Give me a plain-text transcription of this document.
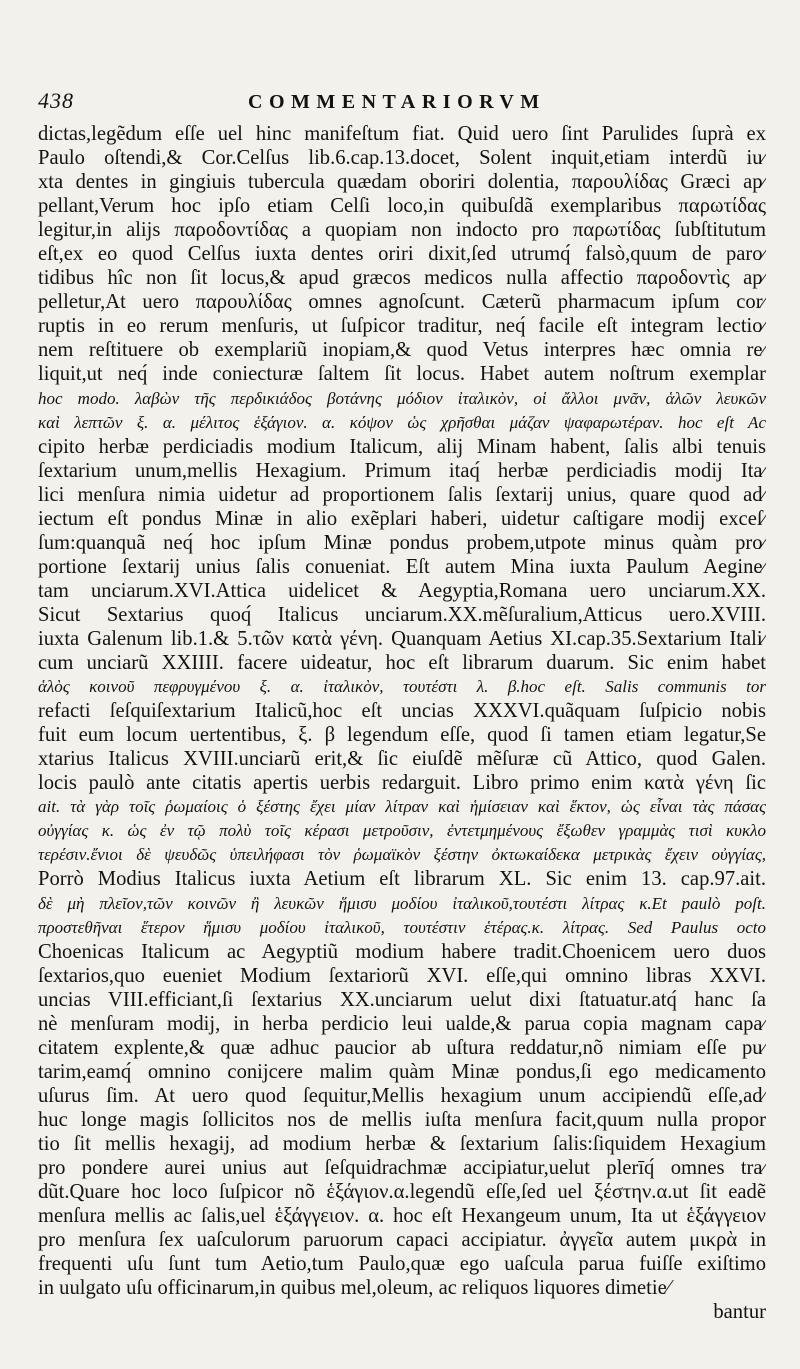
438	COMMENTARIORVM
dictas,legẽdum eſſe uel hinc manifeſtum fiat. Quid uero ſint Parulides ſuprà ex
Paulo oſtendi,& Cor.Celſus lib.6.cap.13.docet, Solent inquit,etiam interdũ iu⁄
xta dentes in gingiuis tubercula quædam oboriri dolentia, παρουλίδας Græci ap⁄
pellant,Verum hoc ipſo etiam Celſi loco,in quibuſdã exemplaribus παρωτίδας
legitur,in alijs παροδοντίδας a quopiam non indocto pro παρωτίδας ſubſtitutum
eſt,ex eo quod Celſus iuxta dentes oriri dixit,ſed utrumq́ falsò,quum de paro⁄
tidibus hîc non ſit locus,& apud græcos medicos nulla affectio παροδοντὶς ap⁄
pelletur,At uero παρουλίδας omnes agnoſcunt. Cæterũ pharmacum ipſum cor⁄
ruptis in eo rerum menſuris, ut ſuſpicor traditur, neq́ facile eſt integram lectio⁄
nem reſtituere ob exemplariũ inopiam,& quod Vetus interpres hæc omnia re⁄
liquit,ut neq́ inde coniecturæ ſaltem ſit locus. Habet autem noſtrum exemplar
hoc modo. λαβὼν τῆς περδικιάδος βοτάνης μόδιον ἰταλικὸν, οἱ ἄλλοι μνᾶν, ἁλῶν λευκῶν
καὶ λεπτῶν ξ. α. μέλιτος ἑξάγιον. α. κόψον ὡς χρῆσθαι μάζαν ψαφαρωτέραν. hoc eſt Ac
cipito herbæ perdiciadis modium Italicum, alij Minam habent, ſalis albi tenuis
ſextarium unum,mellis Hexagium. Primum itaq́ herbæ perdiciadis modij Ita⁄
lici menſura nimia uidetur ad proportionem ſalis ſextarij unius, quare quod ad⁄
iectum eſt pondus Minæ in alio exẽplari haberi, uidetur caſtigare modij exceſ⁄
ſum:quanquã neq́ hoc ipſum Minæ pondus probem,utpote minus quàm pro⁄
portione ſextarij unius ſalis conueniat. Eſt autem Mina iuxta Paulum Aegine⁄
tam unciarum.XVI.Attica uidelicet & Aegyptia,Romana uero unciarum.XX.
Sicut Sextarius quoq́ Italicus unciarum.XX.mẽſuralium,Atticus uero.XVIII.
iuxta Galenum lib.1.& 5.τῶν κατὰ γένη. Quanquam Aetius XI.cap.35.Sextarium Itali⁄
cum unciarũ XXIIII. facere uideatur, hoc eſt librarum duarum. Sic enim habet
ἁλὸς κοινοῦ πεφρυγμένου ξ. α. ἰταλικὸν, τουτέστι λ. β.hoc eſt. Salis communis tor
refacti ſeſquiſextarium Italicũ,hoc eſt uncias XXXVI.quãquam ſuſpicio nobis
fuit eum locum uertentibus, ξ. β legendum eſſe, quod ſi tamen etiam legatur,Se
xtarius Italicus XVIII.unciarũ erit,& ſic eiuſdẽ mẽſuræ cũ Attico, quod Galen.
locis paulò ante citatis apertis uerbis redarguit. Libro primo enim κατὰ γένη ſic
ait. τὰ γὰρ τοῖς ῥωμαίοις ὁ ξέστης ἔχει μίαν λίτραν καὶ ἡμίσειαν καὶ ἕκτον, ὡς εἶναι τὰς πάσας
οὐγγίας κ. ὡς ἐν τῷ πολὺ τοῖς κέρασι μετροῦσιν, ἐντετμημένους ἔξωθεν γραμμὰς τισὶ κυκλο
τερέσιν.ἔνιοι δὲ ψευδῶς ὑπειλήφασι τὸν ῥωμαϊκὸν ξέστην ὀκτωκαίδεκα μετρικὰς ἔχειν οὐγγίας,
Porrò Modius Italicus iuxta Aetium eſt librarum XL. Sic enim 13. cap.97.ait.
δὲ μὴ πλεῖον,τῶν κοινῶν ἢ λευκῶν ἥμισυ μοδίου ἰταλικοῦ,τουτέστι λίτρας κ.Et paulò poſt.
προστεθῆναι ἕτερον ἥμισυ μοδίου ἰταλικοῦ, τουτέστιν ἑτέρας.κ. λίτρας. Sed Paulus octo
Choenicas Italicum ac Aegyptiũ modium habere tradit.Choenicem uero duos
ſextarios,quo eueniet Modium ſextariorũ XVI. eſſe,qui omnino libras XXVI.
uncias VIII.efficiant,ſi ſextarius XX.unciarum uelut dixi ſtatuatur.atq́ hanc ſa
nè menſuram modij, in herba perdicio leui ualde,& parua copia magnam capa⁄
citatem explente,& quæ adhuc paucior ab uſtura reddatur,nõ nimiam eſſe pu⁄
tarim,eamq́ omnino conijcere malim quàm Minæ pondus,ſi ego medicamento
uſurus ſim. At uero quod ſequitur,Mellis hexagium unum accipiendũ eſſe,ad⁄
huc longe magis ſollicitos nos de mellis iuſta menſura facit,quum nulla propor
tio ſit mellis hexagij, ad modium herbæ & ſextarium ſalis:ſiquidem Hexagium
pro pondere aurei unius aut ſeſquidrachmæ accipiatur,uelut plerīq́ omnes tra⁄
dũt.Quare hoc loco ſuſpicor nõ ἑξάγιον.α.legendũ eſſe,ſed uel ξέστην.α.ut ſit eadẽ
menſura mellis ac ſalis,uel ἑξάγγειον. α. hoc eſt Hexangeum unum, Ita ut ἑξάγγειον
pro menſura ſex uaſculorum paruorum capaci accipiatur. ἀγγεῖα autem μικρὰ in
frequenti uſu ſunt tum Aetio,tum Paulo,quæ ego uaſcula parua fuiſſe exiſtimo
in uulgato uſu officinarum,in quibus mel,oleum, ac reliquos liquores dimetie⁄
bantur
